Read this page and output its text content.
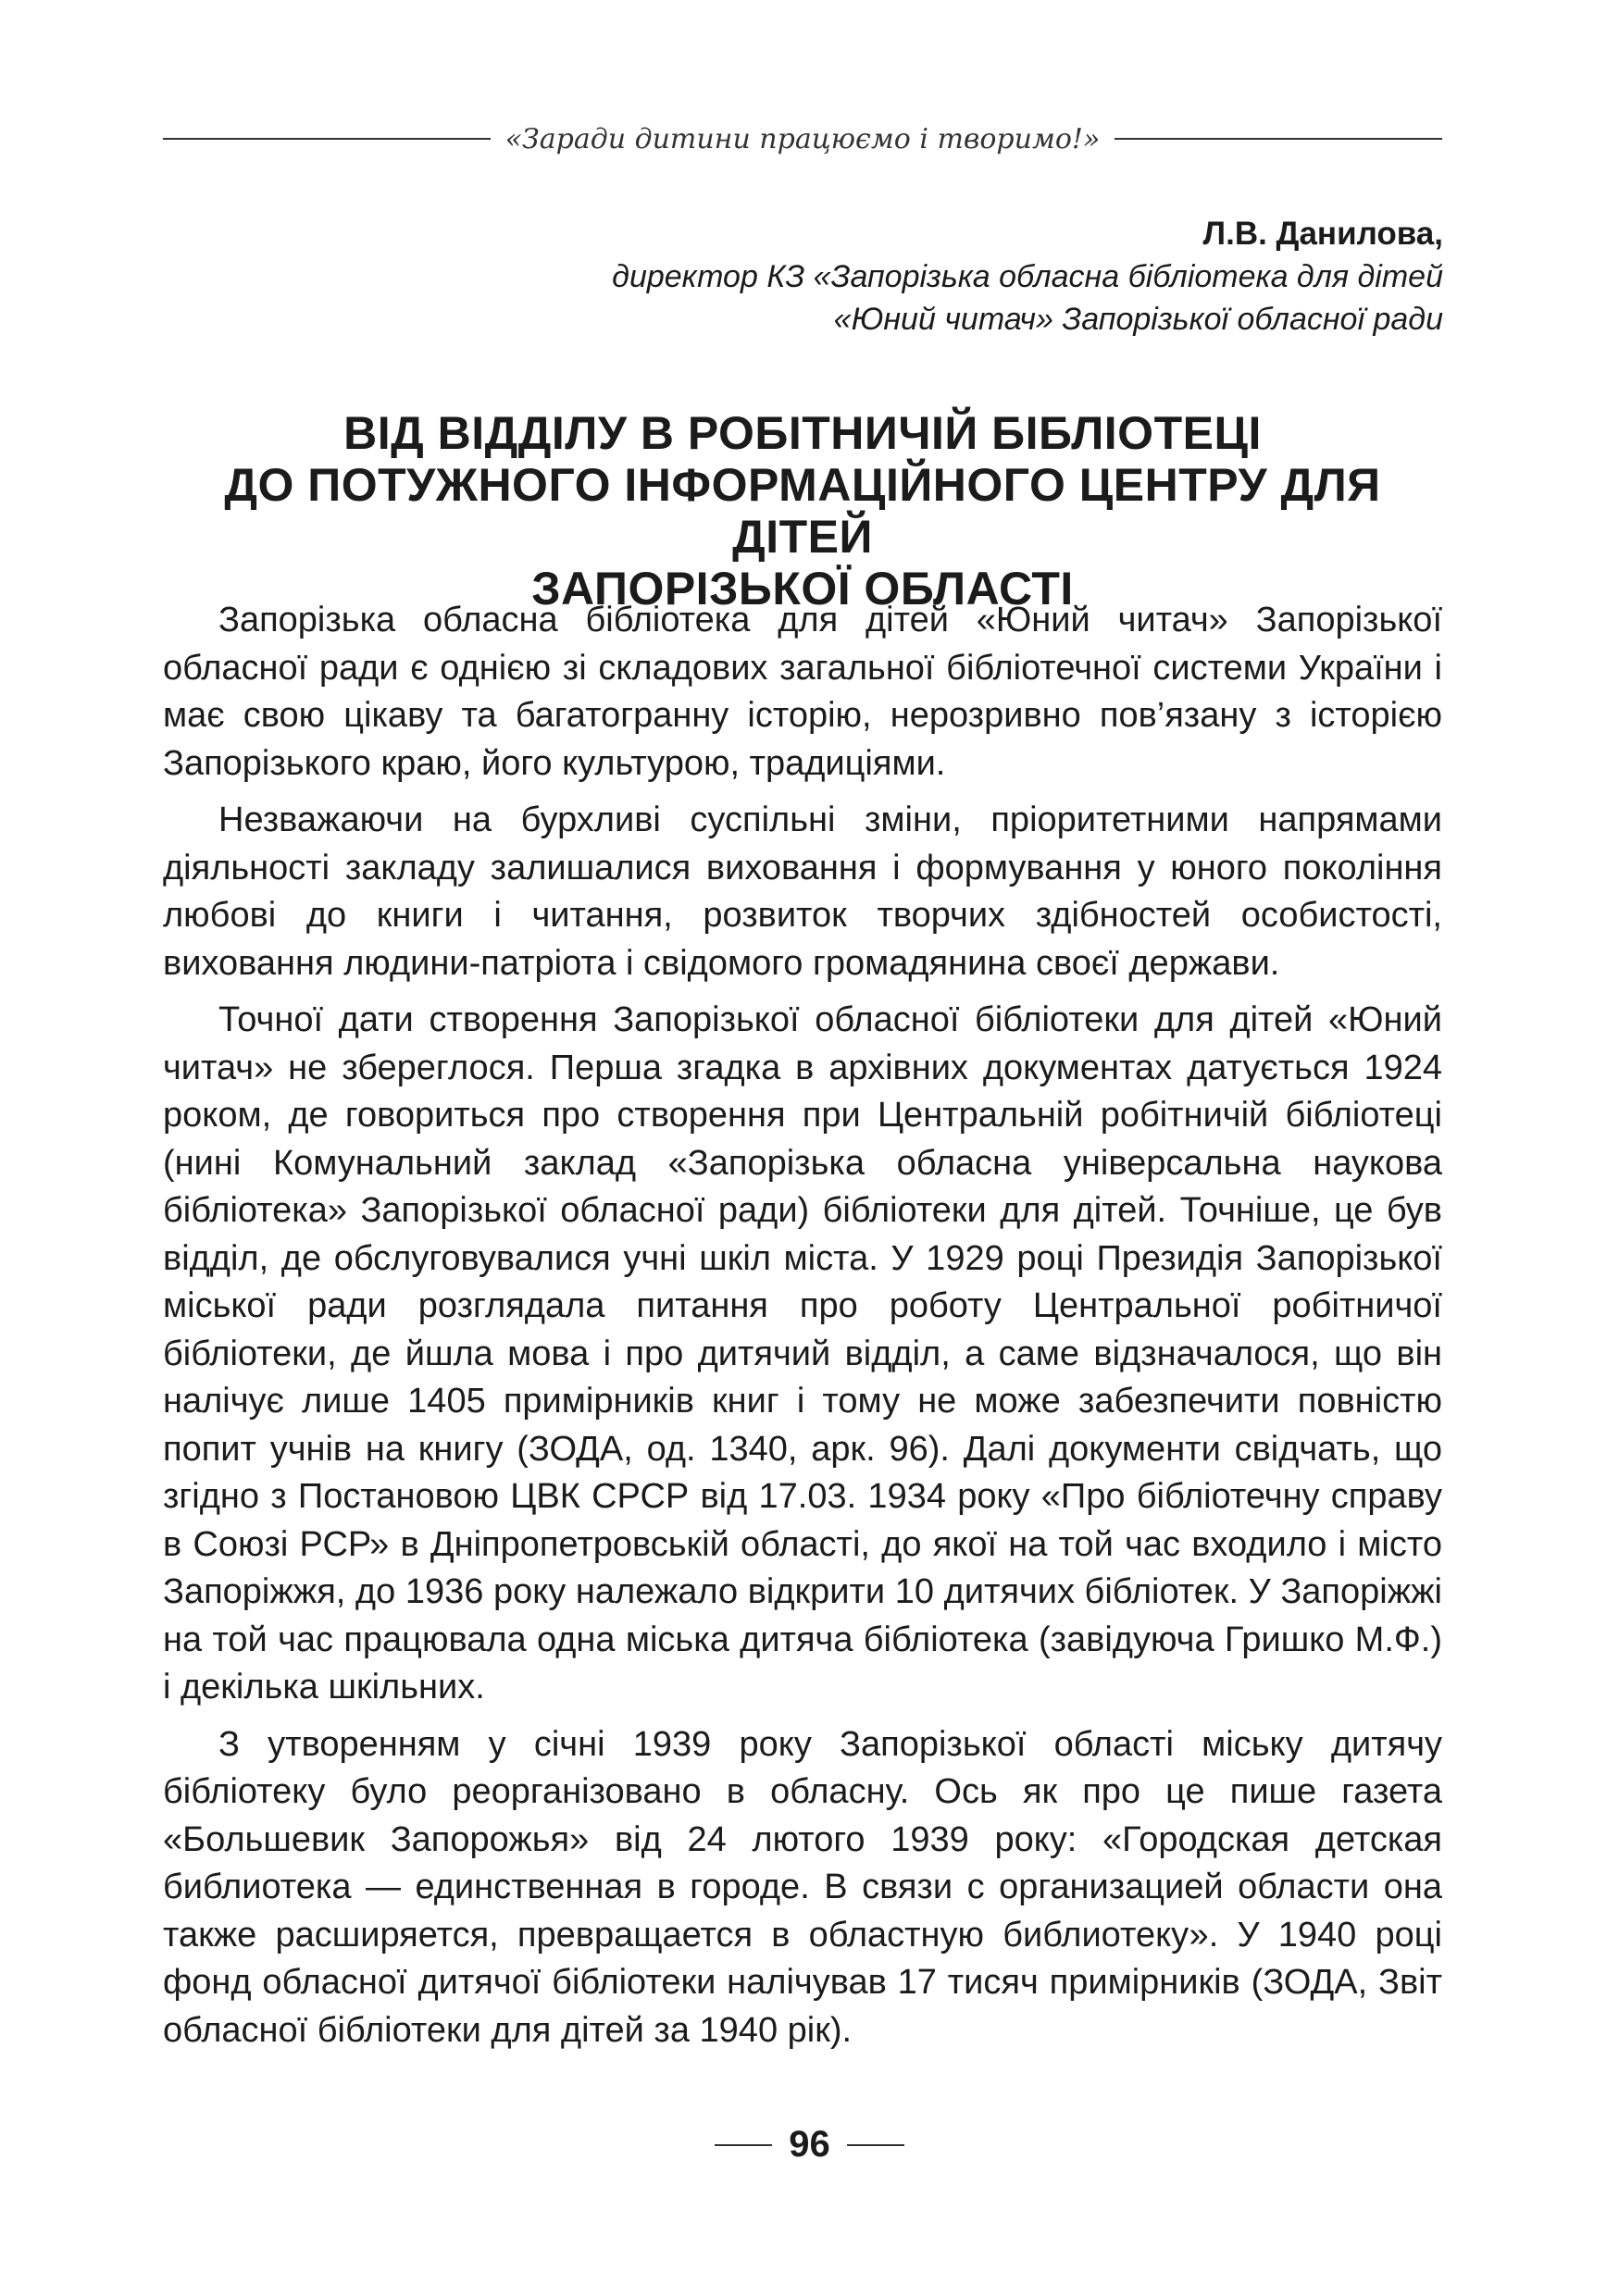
«Заради дитини працюємо і творимо!»
Л.В. Данилова,
директор КЗ «Запорізька обласна бібліотека для дітей
«Юний читач» Запорізької обласної ради
ВІД ВІДДІЛУ В РОБІТНИЧІЙ БІБЛІОТЕЦІ
ДО ПОТУЖНОГО ІНФОРМАЦІЙНОГО ЦЕНТРУ ДЛЯ ДІТЕЙ
ЗАПОРІЗЬКОЇ ОБЛАСТІ

Запорізька обласна бібліотека для дітей «Юний читач» Запорізької обласної ради є однією зі складових загальної бібліотечної системи України і має свою цікаву та багатогранну історію, нерозривно пов’язану з історією Запорізького краю, його культурою, традиціями.

Незважаючи на бурхливі суспільні зміни, пріоритетними напрямами діяльності закладу залишалися виховання і формування у юного покоління любові до книги і читання, розвиток творчих здібностей особистості, виховання людини-патріота і свідомого громадянина своєї держави.

Точної дати створення Запорізької обласної бібліотеки для дітей «Юний читач» не збереглося. Перша згадка в архівних документах датується 1924 роком, де говориться про створення при Центральній робітничій бібліотеці (нині Комунальний заклад «Запорізька обласна універсальна наукова бібліотека» Запорізької обласної ради) бібліотеки для дітей. Точніше, це був відділ, де обслуговувалися учні шкіл міста. У 1929 році Президія Запорізької міської ради розглядала питання про роботу Центральної робітничої бібліотеки, де йшла мова і про дитячий відділ, а саме відзначалося, що він налічує лише 1405 примірників книг і тому не може забезпечити повністю попит учнів на книгу (ЗОДА, од. 1340, арк. 96). Далі документи свідчать, що згідно з Постановою ЦВК СРСР від 17.03. 1934 року «Про бібліотечну справу в Союзі РСР» в Дніпропетровській області, до якої на той час входило і місто Запоріжжя, до 1936 року належало відкрити 10 дитячих бібліотек. У Запоріжжі на той час працювала одна міська дитяча бібліотека (завідуюча Гришко М.Ф.) і декілька шкільних.

З утворенням у січні 1939 року Запорізької області міську дитячу бібліотеку було реорганізовано в обласну. Ось як про це пише газета «Большевик Запорожья» від 24 лютого 1939 року: «Городская детская библиотека — единственная в городе. В связи с организацией области она также расширяется, превращается в областную библиотеку». У 1940 році фонд обласної дитячої бібліотеки налічував 17 тисяч примірників (ЗОДА, Звіт обласної бібліотеки для дітей за 1940 рік).

96
